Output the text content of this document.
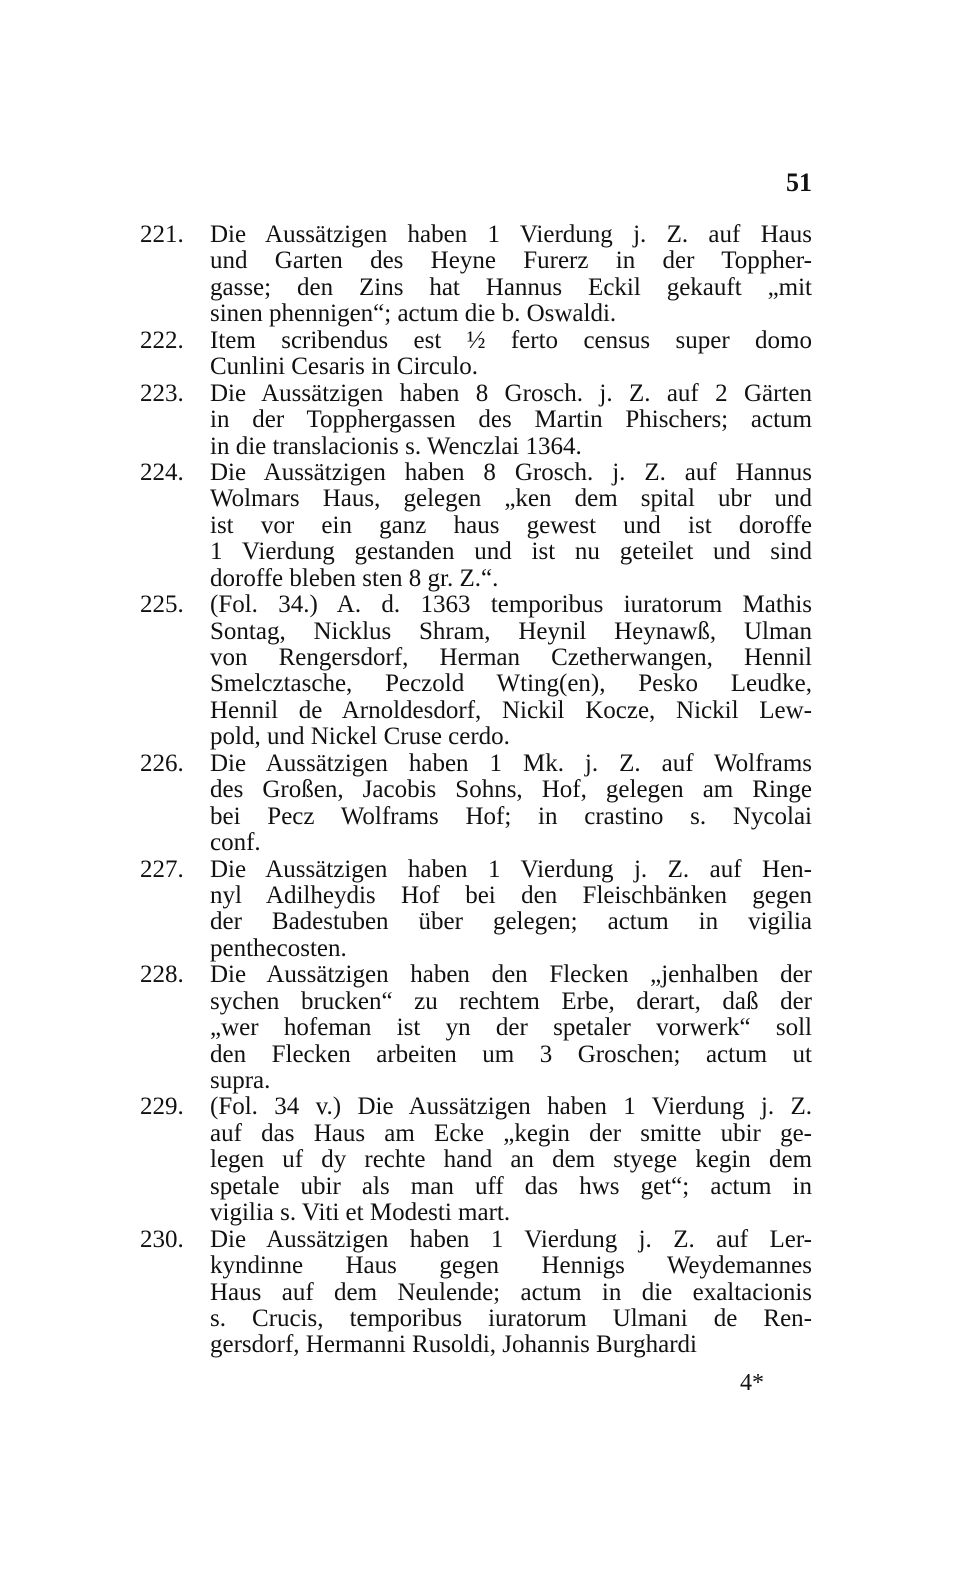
51
221.	Die Aussätzigen haben 1 Vierdung j. Z. auf Haus
und Garten des Heyne Furerz in der Toppher-
gasse; den Zins hat Hannus Eckil gekauft „mit
sinen phennigen“; actum die b. Oswaldi.
222.	Item scribendus est ½ ferto census super domo
Cunlini Cesaris in Circulo.
223.	Die Aussätzigen haben 8 Grosch. j. Z. auf 2 Gärten
in der Topphergassen des Martin Phischers; actum
in die translacionis s. Wenczlai 1364.
224.	Die Aussätzigen haben 8 Grosch. j. Z. auf Hannus
Wolmars Haus, gelegen „ken dem spital ubr und
ist vor ein ganz haus gewest und ist doroffe
1 Vierdung gestanden und ist nu geteilet und sind
doroffe bleben sten 8 gr. Z.“.
225.	(Fol. 34.) A. d. 1363 temporibus iuratorum Mathis
Sontag, Nicklus Shram, Heynil Heynawß, Ulman
von Rengersdorf, Herman Czetherwangen, Hennil
Smelcztasche, Peczold Wting(en), Pesko Leudke,
Hennil de Arnoldesdorf, Nickil Kocze, Nickil Lew-
pold, und Nickel Cruse cerdo.
226.	Die Aussätzigen haben 1 Mk. j. Z. auf Wolframs
des Großen, Jacobis Sohns, Hof, gelegen am Ringe
bei Pecz Wolframs Hof; in crastino s. Nycolai
conf.
227.	Die Aussätzigen haben 1 Vierdung j. Z. auf Hen-
nyl Adilheydis Hof bei den Fleischbänken gegen
der Badestuben über gelegen; actum in vigilia
penthecosten.
228.	Die Aussätzigen haben den Flecken „jenhalben der
sychen brucken“ zu rechtem Erbe, derart, daß der
„wer hofeman ist yn der spetaler vorwerk“ soll
den Flecken arbeiten um 3 Groschen; actum ut
supra.
229.	(Fol. 34 v.) Die Aussätzigen haben 1 Vierdung j. Z.
auf das Haus am Ecke „kegin der smitte ubir ge-
legen uf dy rechte hand an dem styege kegin dem
spetale ubir als man uff das hws get“; actum in
vigilia s. Viti et Modesti mart.
230.	Die Aussätzigen haben 1 Vierdung j. Z. auf Ler-
kyndinne Haus gegen Hennigs Weydemannes
Haus auf dem Neulende; actum in die exaltacionis
s. Crucis, temporibus iuratorum Ulmani de Ren-
gersdorf, Hermanni Rusoldi, Johannis Burghardi
4*
